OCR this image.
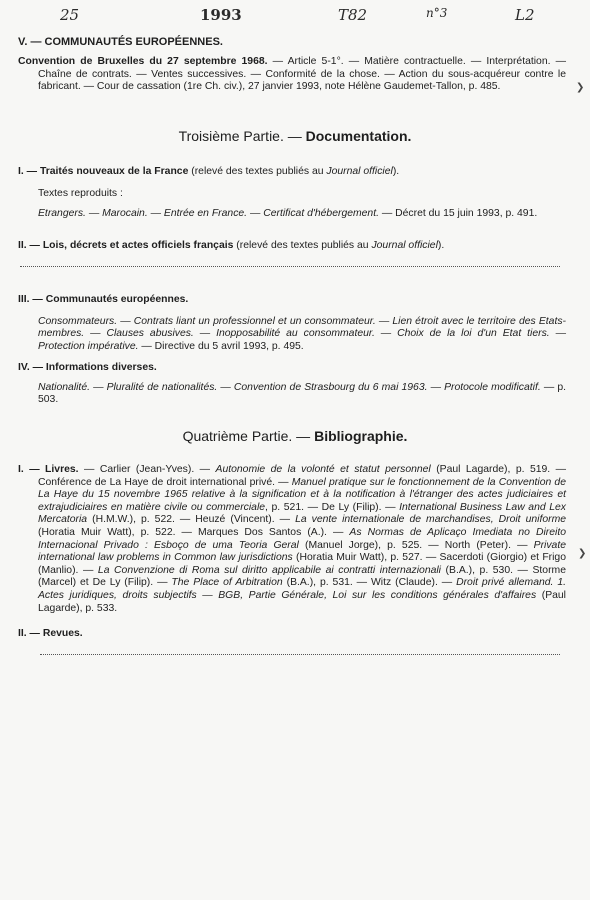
25	1993	T82	n°3	L2
V. — COMMUNAUTÉS EUROPÉENNES.
Convention de Bruxelles du 27 septembre 1968. — Article 5-1°. — Matière contractuelle. — Interprétation. — Chaîne de contrats. — Ventes successives. — Conformité de la chose. — Action du sous-acquéreur contre le fabricant. — Cour de cassation (1re Ch. civ.), 27 janvier 1993, note Hélène Gaudemet-Tallon, p. 485.
Troisième Partie. — Documentation.
I. — Traités nouveaux de la France (relevé des textes publiés au Journal officiel).
Textes reproduits :
Etrangers. — Marocain. — Entrée en France. — Certificat d'hébergement. — Décret du 15 juin 1993, p. 491.
II. — Lois, décrets et actes officiels français (relevé des textes publiés au Journal officiel).
III. — Communautés européennes.
Consommateurs. — Contrats liant un professionnel et un consommateur. — Lien étroit avec le territoire des Etats-membres. — Clauses abusives. — Inopposabilité au consommateur. — Choix de la loi d'un Etat tiers. — Protection impérative. — Directive du 5 avril 1993, p. 495.
IV. — Informations diverses.
Nationalité. — Pluralité de nationalités. — Convention de Strasbourg du 6 mai 1963. — Protocole modificatif. — p. 503.
Quatrième Partie. — Bibliographie.
I. — Livres. — Carlier (Jean-Yves). — Autonomie de la volonté et statut personnel (Paul Lagarde), p. 519. — Conférence de La Haye de droit international privé. — Manuel pratique sur le fonctionnement de la Convention de La Haye du 15 novembre 1965 relative à la signification et à la notification à l'étranger des actes judiciaires et extrajudiciaires en matière civile ou commerciale, p. 521. — De Ly (Filip). — International Business Law and Lex Mercatoria (H.M.W.), p. 522. — Heuzé (Vincent). — La vente internationale de marchandises, Droit uniforme (Horatia Muir Watt), p. 522. — Marques Dos Santos (A.). — As Normas de Aplicaço Imediata no Direito Internacional Privado : Esboço de uma Teoria Geral (Manuel Jorge), p. 525. — North (Peter). — Private international law problems in Common law jurisdictions (Horatia Muir Watt), p. 527. — Sacerdoti (Giorgio) et Frigo (Manlio). — La Convenzione di Roma sul diritto applicabile ai contratti internazionali (B.A.), p. 530. — Storme (Marcel) et De Ly (Filip). — The Place of Arbitration (B.A.), p. 531. — Witz (Claude). — Droit privé allemand. 1. Actes juridiques, droits subjectifs — BGB, Partie Générale, Loi sur les conditions générales d'affaires (Paul Lagarde), p. 533.
II. — Revues.
❯
❯
